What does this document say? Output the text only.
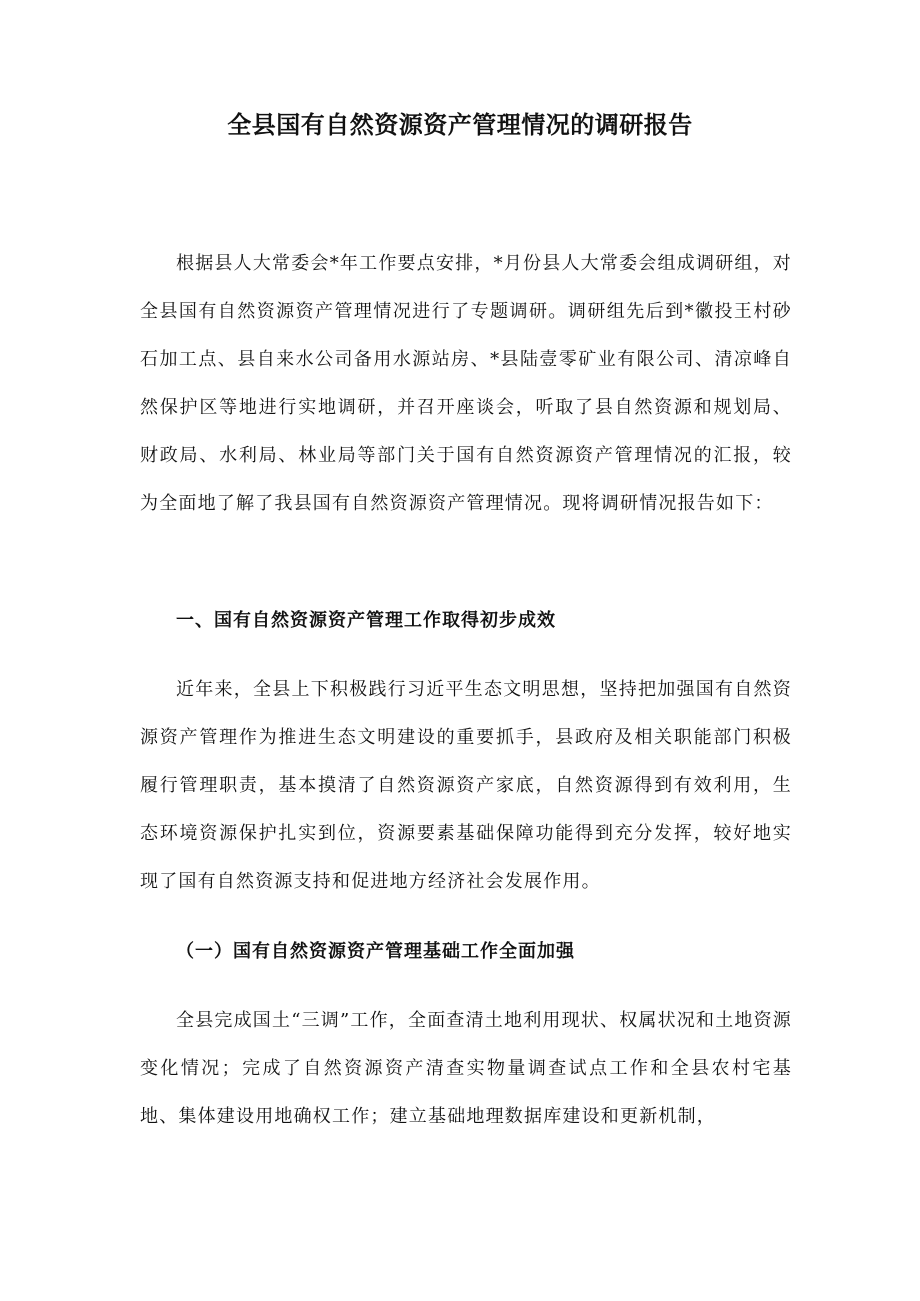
全县国有自然资源资产管理情况的调研报告

根据县人大常委会*年工作要点安排，*月份县人大常委会组成调研组，对全县国有自然资源资产管理情况进行了专题调研。调研组先后到*徽投王村砂石加工点、县自来水公司备用水源站房、*县陆壹零矿业有限公司、清凉峰自然保护区等地进行实地调研，并召开座谈会，听取了县自然资源和规划局、财政局、水利局、林业局等部门关于国有自然资源资产管理情况的汇报，较为全面地了解了我县国有自然资源资产管理情况。现将调研情况报告如下：

一、国有自然资源资产管理工作取得初步成效

近年来，全县上下积极践行习近平生态文明思想，坚持把加强国有自然资源资产管理作为推进生态文明建设的重要抓手，县政府及相关职能部门积极履行管理职责，基本摸清了自然资源资产家底，自然资源得到有效利用，生态环境资源保护扎实到位，资源要素基础保障功能得到充分发挥，较好地实现了国有自然资源支持和促进地方经济社会发展作用。

（一）国有自然资源资产管理基础工作全面加强

全县完成国土“三调”工作，全面查清土地利用现状、权属状况和土地资源变化情况；完成了自然资源资产清查实物量调查试点工作和全县农村宅基地、集体建设用地确权工作；建立基础地理数据库建设和更新机制，
